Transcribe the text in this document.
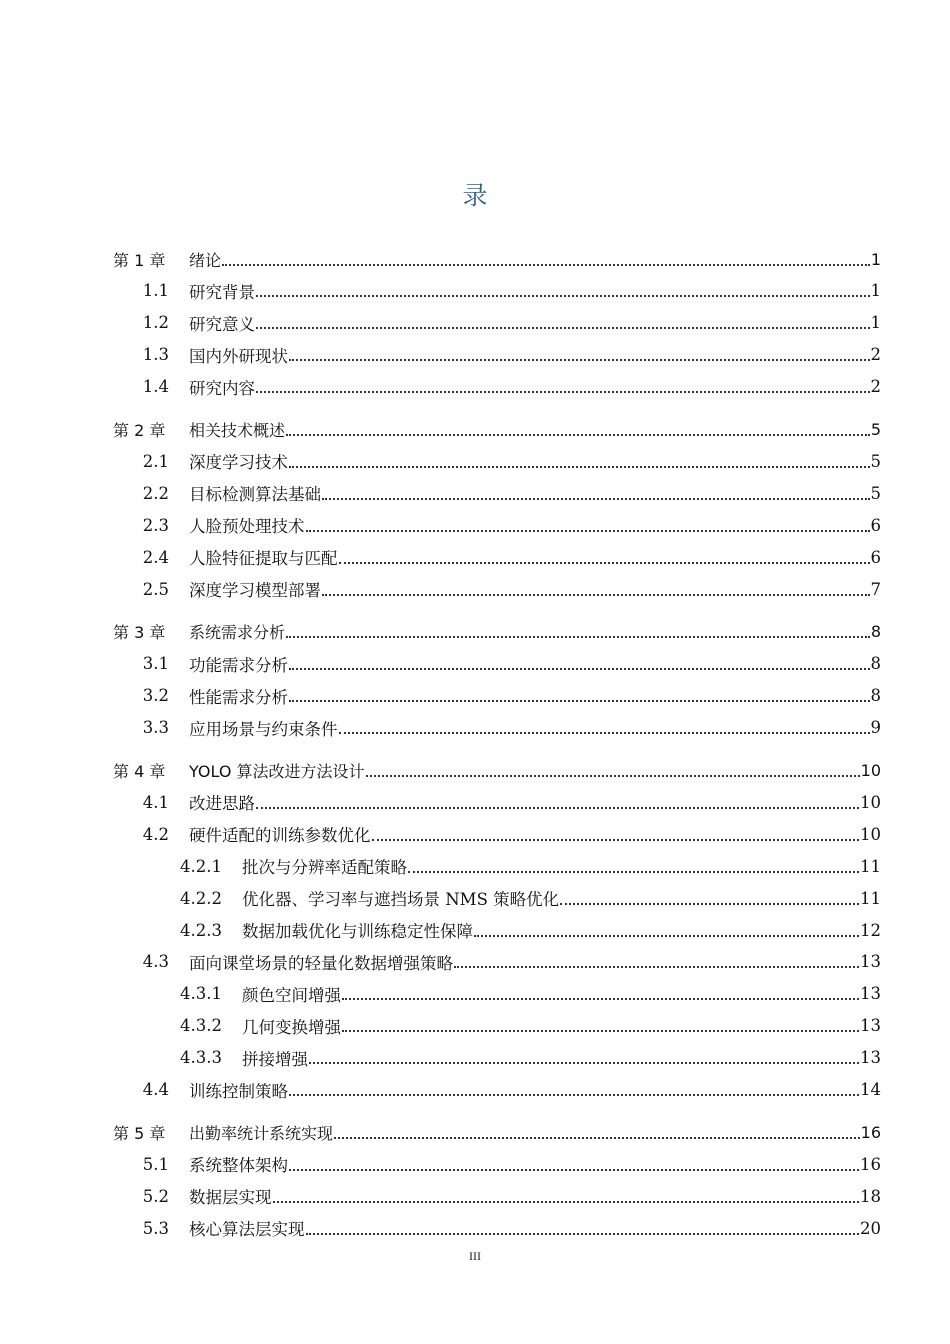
录
第 1 章 绪论	1
1.1 研究背景	1
1.2 研究意义	1
1.3 国内外研现状	2
1.4 研究内容	2
第 2 章 相关技术概述	5
2.1 深度学习技术	5
2.2 目标检测算法基础	5
2.3 人脸预处理技术	6
2.4 人脸特征提取与匹配	6
2.5 深度学习模型部署	7
第 3 章 系统需求分析	8
3.1 功能需求分析	8
3.2 性能需求分析	8
3.3 应用场景与约束条件	9
第 4 章 YOLO 算法改进方法设计	10
4.1 改进思路	10
4.2 硬件适配的训练参数优化	10
4.2.1 批次与分辨率适配策略	11
4.2.2 优化器、学习率与遮挡场景 NMS 策略优化	11
4.2.3 数据加载优化与训练稳定性保障	12
4.3 面向课堂场景的轻量化数据增强策略	13
4.3.1 颜色空间增强	13
4.3.2 几何变换增强	13
4.3.3 拼接增强	13
4.4 训练控制策略	14
第 5 章 出勤率统计系统实现	16
5.1 系统整体架构	16
5.2 数据层实现	18
5.3 核心算法层实现	20
III
